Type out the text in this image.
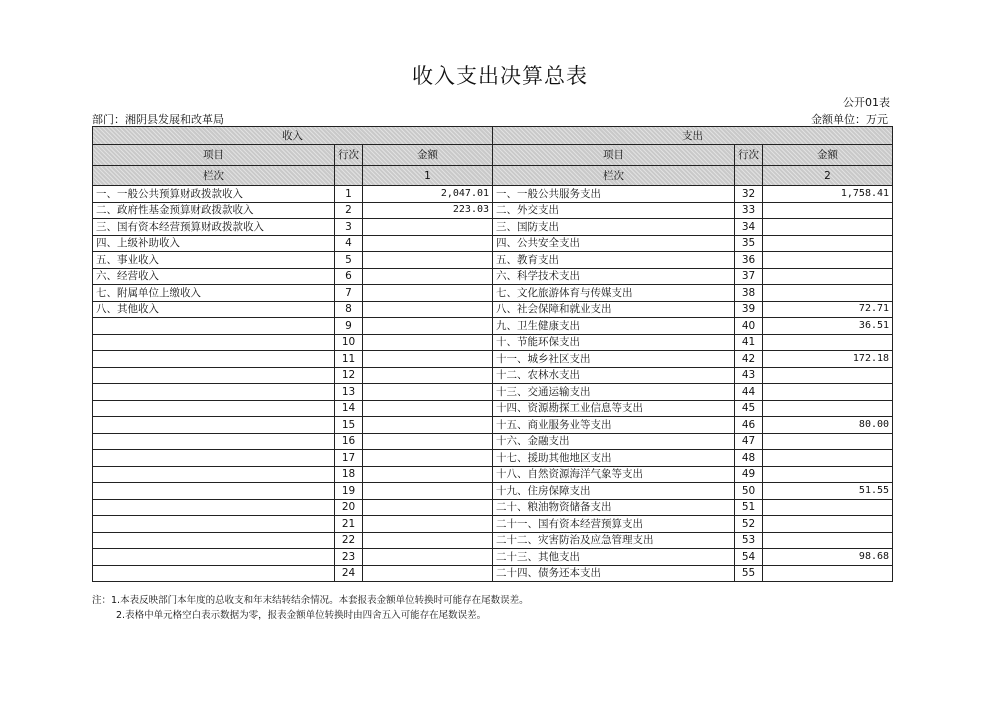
收入支出决算总表
公开01表
部门：湘阴县发展和改革局	金额单位：万元
收入			支出		
项目	行次	金额	项目	行次	金额
栏次		1	栏次		2
一、一般公共预算财政拨款收入	1	2,047.01	一、一般公共服务支出	32	1,758.41
二、政府性基金预算财政拨款收入	2	223.03	二、外交支出	33	
三、国有资本经营预算财政拨款收入	3		三、国防支出	34	
四、上级补助收入	4		四、公共安全支出	35	
五、事业收入	5		五、教育支出	36	
六、经营收入	6		六、科学技术支出	37	
七、附属单位上缴收入	7		七、文化旅游体育与传媒支出	38	
八、其他收入	8		八、社会保障和就业支出	39	72.71
	9		九、卫生健康支出	40	36.51
	10		十、节能环保支出	41	
	11		十一、城乡社区支出	42	172.18
	12		十二、农林水支出	43	
	13		十三、交通运输支出	44	
	14		十四、资源勘探工业信息等支出	45	
	15		十五、商业服务业等支出	46	80.00
	16		十六、金融支出	47	
	17		十七、援助其他地区支出	48	
	18		十八、自然资源海洋气象等支出	49	
	19		十九、住房保障支出	50	51.55
	20		二十、粮油物资储备支出	51	
	21		二十一、国有资本经营预算支出	52	
	22		二十二、灾害防治及应急管理支出	53	
	23		二十三、其他支出	54	98.68
	24		二十四、债务还本支出	55	
注：1.本表反映部门本年度的总收支和年末结转结余情况。本套报表金额单位转换时可能存在尾数误差。
2.表格中单元格空白表示数据为零，报表金额单位转换时由四舍五入可能存在尾数误差。
